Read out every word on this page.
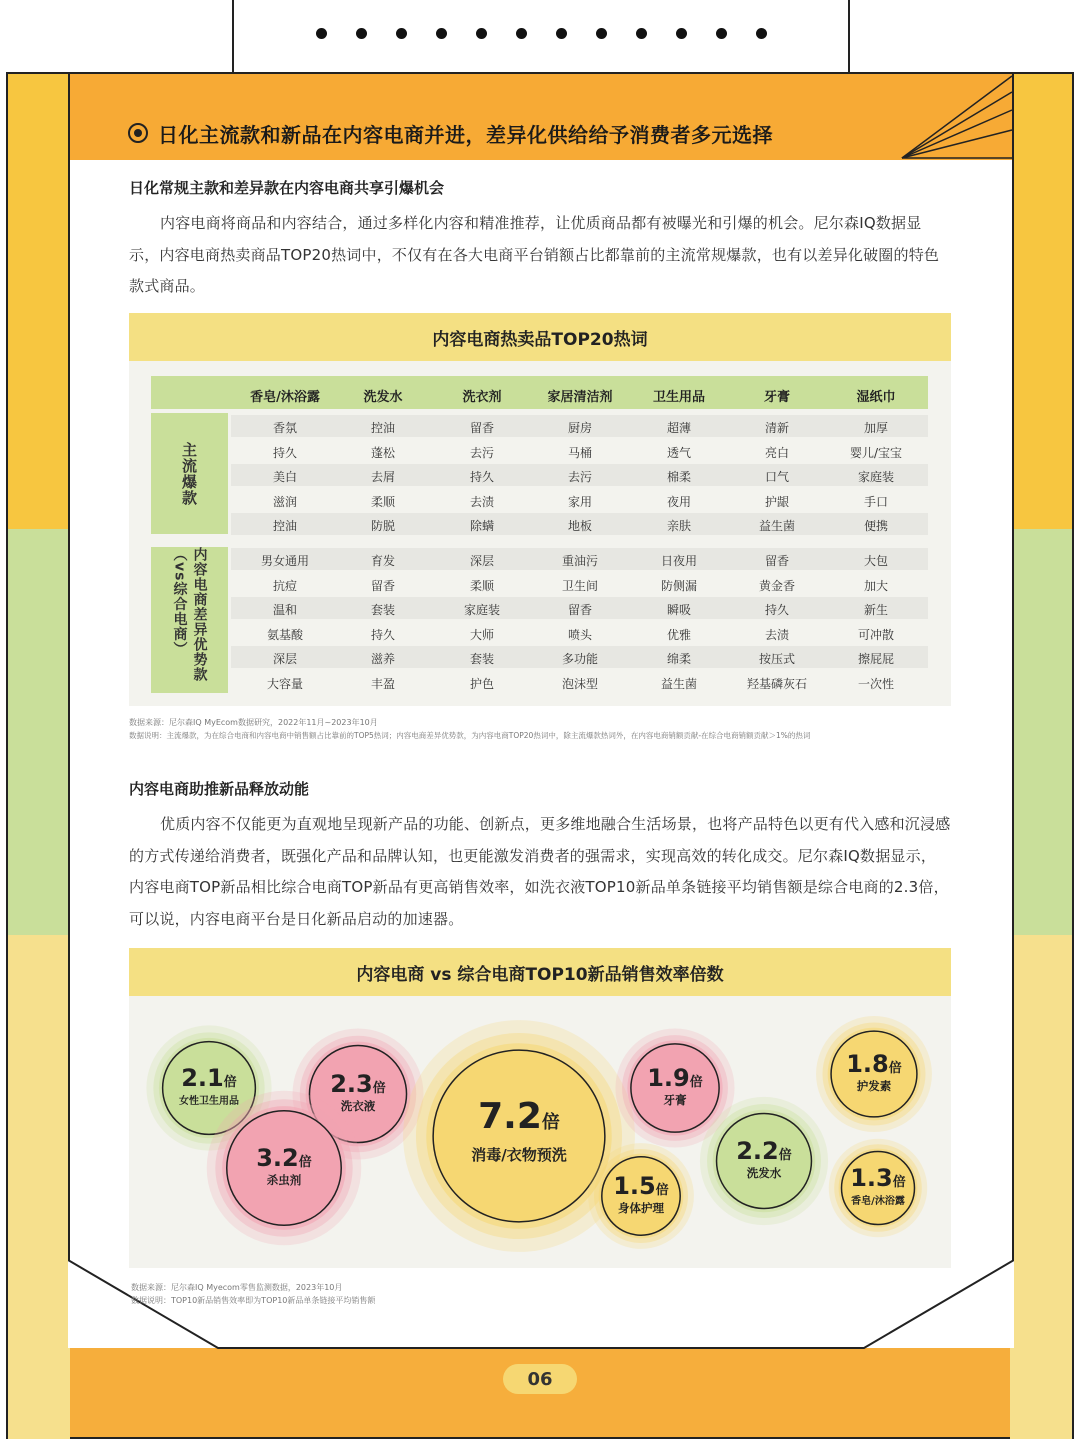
日化主流款和新品在内容电商并进，差异化供给给予消费者多元选择
日化常规主款和差异款在内容电商共享引爆机会

内容电商将商品和内容结合，通过多样化内容和精准推荐，让优质商品都有被曝光和引爆的机会。尼尔森IQ数据显示，内容电商热卖商品TOP20热词中，不仅有在各大电商平台销额占比都靠前的主流常规爆款，也有以差异化破圈的特色款式商品。

内容电商热卖品TOP20热词
香皂/沐浴露	洗发水	洗衣剂	家居清洁剂	卫生用品	牙膏	湿纸巾
主流爆款
内容电商差异优势款（vs综合电商）
香氛	控油	留香	厨房	超薄	清新	加厚
持久	蓬松	去污	马桶	透气	亮白	婴儿/宝宝
美白	去屑	持久	去污	棉柔	口气	家庭装
滋润	柔顺	去渍	家用	夜用	护龈	手口
控油	防脱	除螨	地板	亲肤	益生菌	便携
男女通用	育发	深层	重油污	日夜用	留香	大包
抗痘	留香	柔顺	卫生间	防侧漏	黄金香	加大
温和	套装	家庭装	留香	瞬吸	持久	新生
氨基酸	持久	大师	喷头	优雅	去渍	可冲散
深层	滋养	套装	多功能	绵柔	按压式	擦屁屁
大容量	丰盈	护色	泡沫型	益生菌	羟基磷灰石	一次性
数据来源：尼尔森IQ MyEcom数据研究，2022年11月~2023年10月
数据说明：主流爆款，为在综合电商和内容电商中销售额占比靠前的TOP5热词；内容电商差异优势款，为内容电商TOP20热词中，除主流爆款热词外，在内容电商销额贡献-在综合电商销额贡献＞1%的热词
内容电商助推新品释放动能

优质内容不仅能更为直观地呈现新产品的功能、创新点，更多维地融合生活场景，也将产品特色以更有代入感和沉浸感的方式传递给消费者，既强化产品和品牌认知，也更能激发消费者的强需求，实现高效的转化成交。尼尔森IQ数据显示，内容电商TOP新品相比综合电商TOP新品有更高销售效率，如洗衣液TOP10新品单条链接平均销售额是综合电商的2.3倍，可以说，内容电商平台是日化新品启动的加速器。

内容电商 vs 综合电商TOP10新品销售效率倍数
2.1倍
女性卫生用品
2.3倍
洗衣液
3.2倍
杀虫剂
7.2倍
消毒/衣物预洗
1.9倍
牙膏
1.5倍
身体护理
2.2倍
洗发水
1.8倍
护发素
1.3倍
香皂/沐浴露
数据来源：尼尔森IQ Myecom零售监测数据，2023年10月
数据说明：TOP10新品销售效率即为TOP10新品单条链接平均销售额
06
